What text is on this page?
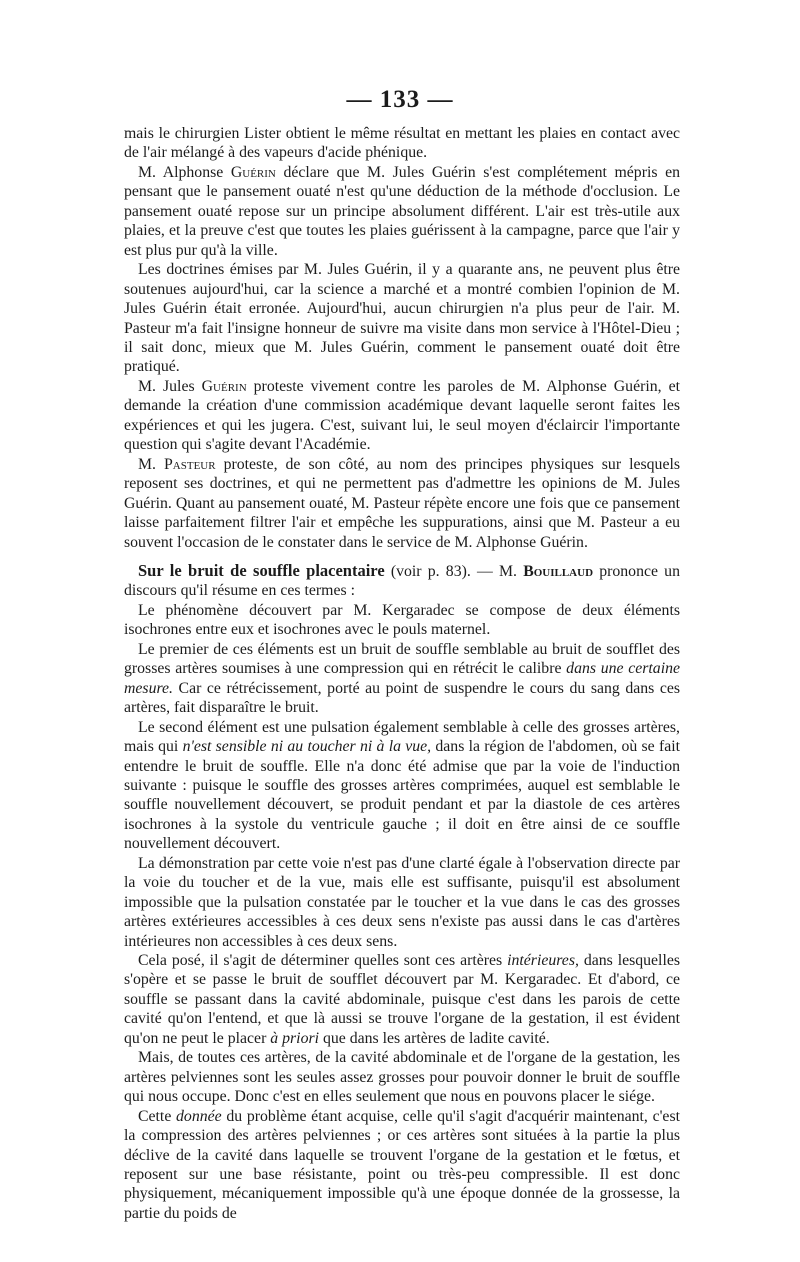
— 133 —

mais le chirurgien Lister obtient le même résultat en mettant les plaies en contact avec de l'air mélangé à des vapeurs d'acide phénique.

M. Alphonse Guérin déclare que M. Jules Guérin s'est complétement mépris en pensant que le pansement ouaté n'est qu'une déduction de la méthode d'occlusion. Le pansement ouaté repose sur un principe absolument différent. L'air est très-utile aux plaies, et la preuve c'est que toutes les plaies guérissent à la campagne, parce que l'air y est plus pur qu'à la ville.

Les doctrines émises par M. Jules Guérin, il y a quarante ans, ne peuvent plus être soutenues aujourd'hui, car la science a marché et a montré combien l'opinion de M. Jules Guérin était erronée. Aujourd'hui, aucun chirurgien n'a plus peur de l'air. M. Pasteur m'a fait l'insigne honneur de suivre ma visite dans mon service à l'Hôtel-Dieu ; il sait donc, mieux que M. Jules Guérin, comment le pansement ouaté doit être pratiqué.

M. Jules Guérin proteste vivement contre les paroles de M. Alphonse Guérin, et demande la création d'une commission académique devant laquelle seront faites les expériences et qui les jugera. C'est, suivant lui, le seul moyen d'éclaircir l'importante question qui s'agite devant l'Académie.

M. Pasteur proteste, de son côté, au nom des principes physiques sur lesquels reposent ses doctrines, et qui ne permettent pas d'admettre les opinions de M. Jules Guérin. Quant au pansement ouaté, M. Pasteur répète encore une fois que ce pansement laisse parfaitement filtrer l'air et empêche les suppurations, ainsi que M. Pasteur a eu souvent l'occasion de le constater dans le service de M. Alphonse Guérin.

Sur le bruit de souffle placentaire (voir p. 83). — M. Bouillaud prononce un discours qu'il résume en ces termes :

Le phénomène découvert par M. Kergaradec se compose de deux éléments isochrones entre eux et isochrones avec le pouls maternel.

Le premier de ces éléments est un bruit de souffle semblable au bruit de soufflet des grosses artères soumises à une compression qui en rétrécit le calibre dans une certaine mesure. Car ce rétrécissement, porté au point de suspendre le cours du sang dans ces artères, fait disparaître le bruit.

Le second élément est une pulsation également semblable à celle des grosses artères, mais qui n'est sensible ni au toucher ni à la vue, dans la région de l'abdomen, où se fait entendre le bruit de souffle. Elle n'a donc été admise que par la voie de l'induction suivante : puisque le souffle des grosses artères comprimées, auquel est semblable le souffle nouvellement découvert, se produit pendant et par la diastole de ces artères isochrones à la systole du ventricule gauche ; il doit en être ainsi de ce souffle nouvellement découvert.

La démonstration par cette voie n'est pas d'une clarté égale à l'observation directe par la voie du toucher et de la vue, mais elle est suffisante, puisqu'il est absolument impossible que la pulsation constatée par le toucher et la vue dans le cas des grosses artères extérieures accessibles à ces deux sens n'existe pas aussi dans le cas d'artères intérieures non accessibles à ces deux sens.

Cela posé, il s'agit de déterminer quelles sont ces artères intérieures, dans lesquelles s'opère et se passe le bruit de soufflet découvert par M. Kergaradec. Et d'abord, ce souffle se passant dans la cavité abdominale, puisque c'est dans les parois de cette cavité qu'on l'entend, et que là aussi se trouve l'organe de la gestation, il est évident qu'on ne peut le placer à priori que dans les artères de ladite cavité.

Mais, de toutes ces artères, de la cavité abdominale et de l'organe de la gestation, les artères pelviennes sont les seules assez grosses pour pouvoir donner le bruit de souffle qui nous occupe. Donc c'est en elles seulement que nous en pouvons placer le siége.

Cette donnée du problème étant acquise, celle qu'il s'agit d'acquérir maintenant, c'est la compression des artères pelviennes ; or ces artères sont situées à la partie la plus déclive de la cavité dans laquelle se trouvent l'organe de la gestation et le fœtus, et reposent sur une base résistante, point ou très-peu compressible. Il est donc physiquement, mécaniquement impossible qu'à une époque donnée de la grossesse, la partie du poids de
